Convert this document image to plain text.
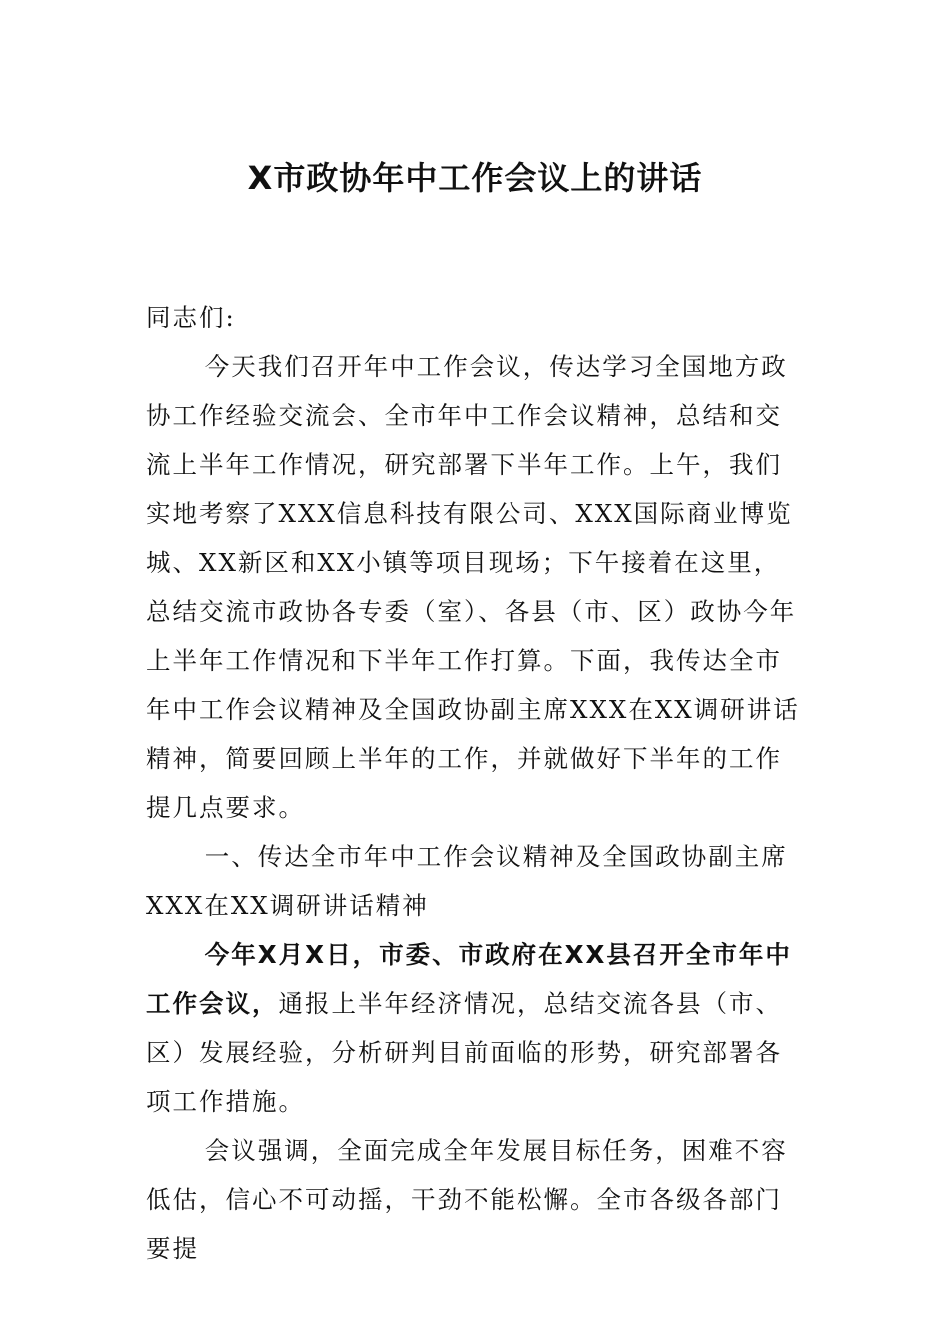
X市政协年中工作会议上的讲话

同志们:

今天我们召开年中工作会议，传达学习全国地方政协工作经验交流会、全市年中工作会议精神，总结和交流上半年工作情况，研究部署下半年工作。上午，我们实地考察了XXX信息科技有限公司、XXX国际商业博览城、XX新区和XX小镇等项目现场；下午接着在这里，总结交流市政协各专委（室）、各县（市、区）政协今年上半年工作情况和下半年工作打算。下面，我传达全市年中工作会议精神及全国政协副主席XXX在XX调研讲话精神，简要回顾上半年的工作，并就做好下半年的工作提几点要求。

一、传达全市年中工作会议精神及全国政协副主席XXX在XX调研讲话精神

今年X月X日，市委、市政府在XX县召开全市年中工作会议，通报上半年经济情况，总结交流各县（市、区）发展经验，分析研判目前面临的形势，研究部署各项工作措施。

会议强调，全面完成全年发展目标任务，困难不容低估，信心不可动摇，干劲不能松懈。全市各级各部门要提
